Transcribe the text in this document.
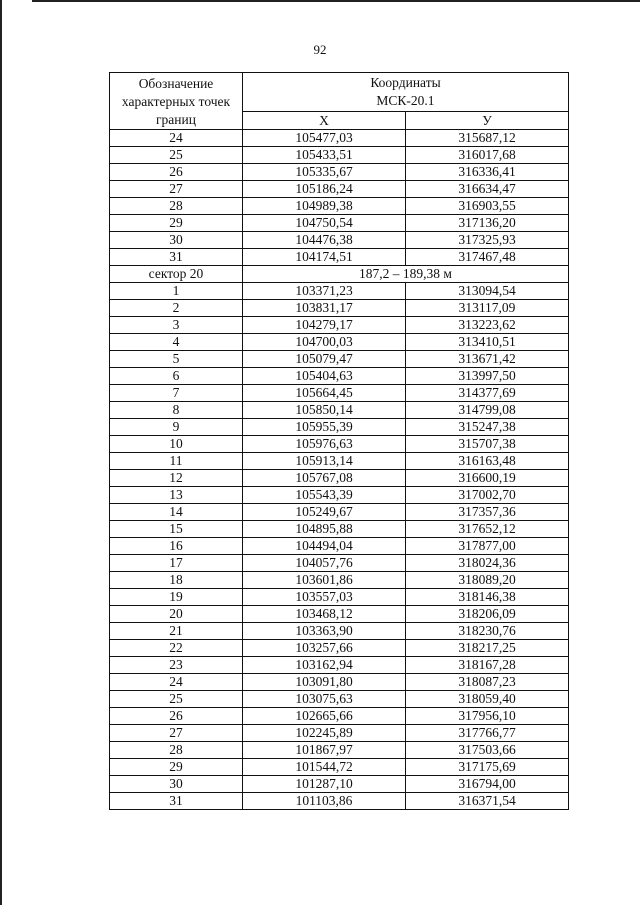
92
Обозначение
характерных точек
границ	Координаты
МСК-20.1	
	X	У
24	105477,03	315687,12
25	105433,51	316017,68
26	105335,67	316336,41
27	105186,24	316634,47
28	104989,38	316903,55
29	104750,54	317136,20
30	104476,38	317325,93
31	104174,51	317467,48
сектор 20	187,2 – 189,38 м	
1	103371,23	313094,54
2	103831,17	313117,09
3	104279,17	313223,62
4	104700,03	313410,51
5	105079,47	313671,42
6	105404,63	313997,50
7	105664,45	314377,69
8	105850,14	314799,08
9	105955,39	315247,38
10	105976,63	315707,38
11	105913,14	316163,48
12	105767,08	316600,19
13	105543,39	317002,70
14	105249,67	317357,36
15	104895,88	317652,12
16	104494,04	317877,00
17	104057,76	318024,36
18	103601,86	318089,20
19	103557,03	318146,38
20	103468,12	318206,09
21	103363,90	318230,76
22	103257,66	318217,25
23	103162,94	318167,28
24	103091,80	318087,23
25	103075,63	318059,40
26	102665,66	317956,10
27	102245,89	317766,77
28	101867,97	317503,66
29	101544,72	317175,69
30	101287,10	316794,00
31	101103,86	316371,54
